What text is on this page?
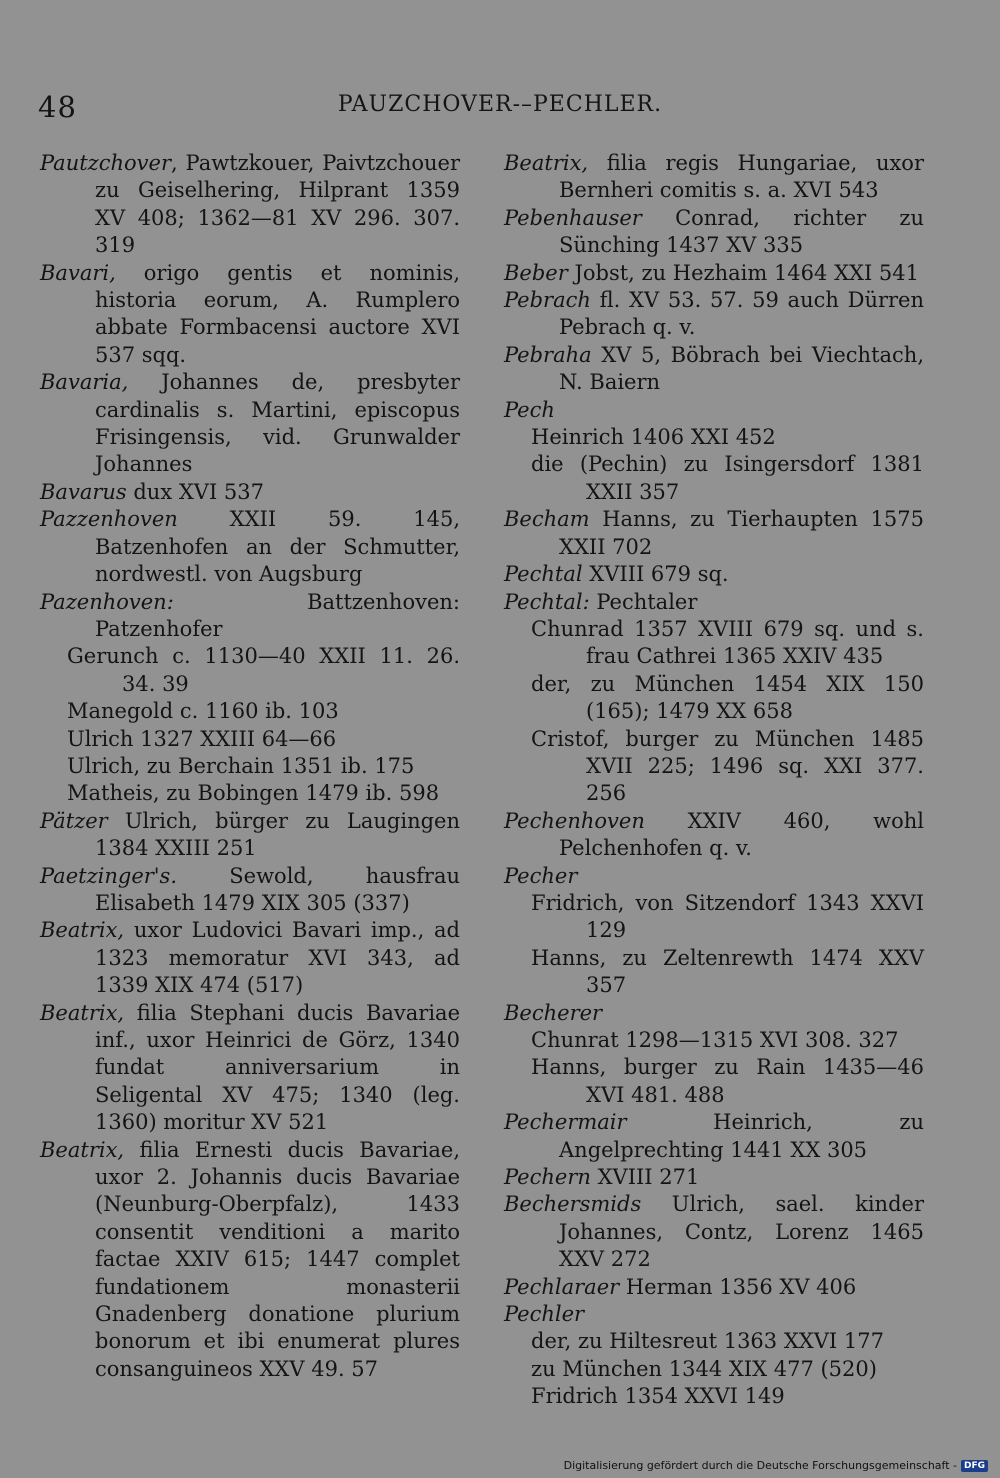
48	PAUZCHOVER-–PECHLER.
Pautzchover, Pawtzkouer, Paivtzchouer zu Geiselhering, Hilprant 1359 XV 408; 1362—81 XV 296. 307. 319
Bavari, origo gentis et nominis, historia eorum, A. Rumplero abbate Formbacensi auctore XVI 537 sqq.
Bavaria, Johannes de, presbyter cardinalis s. Martini, episcopus Frisingensis, vid. Grunwalder Johannes
Bavarus dux XVI 537
Pazzenhoven XXII 59. 145, Batzenhofen an der Schmutter, nordwestl. von Augsburg
Pazenhoven: Battzenhoven: Patzenhofer
Gerunch c. 1130—40 XXII 11. 26. 34. 39
Manegold c. 1160 ib. 103
Ulrich 1327 XXIII 64—66
Ulrich, zu Berchain 1351 ib. 175
Matheis, zu Bobingen 1479 ib. 598
Pätzer Ulrich, bürger zu Laugingen 1384 XXIII 251
Paetzinger's. Sewold, hausfrau Elisabeth 1479 XIX 305 (337)
Beatrix, uxor Ludovici Bavari imp., ad 1323 memoratur XVI 343, ad 1339 XIX 474 (517)
Beatrix, filia Stephani ducis Bavariae inf., uxor Heinrici de Görz, 1340 fundat anniversarium in Seligental XV 475; 1340 (leg. 1360) moritur XV 521
Beatrix, filia Ernesti ducis Bavariae, uxor 2. Johannis ducis Bavariae (Neunburg-Oberpfalz), 1433 consentit venditioni a marito factae XXIV 615; 1447 complet fundationem monasterii Gnadenberg donatione plurium bonorum et ibi enumerat plures consanguineos XXV 49. 57
Beatrix, filia regis Hungariae, uxor Bernheri comitis s. a. XVI 543
Pebenhauser Conrad, richter zu Sünching 1437 XV 335
Beber Jobst, zu Hezhaim 1464 XXI 541
Pebrach fl. XV 53. 57. 59 auch Dürren Pebrach q. v.
Pebraha XV 5, Böbrach bei Viechtach, N. Baiern
Pech
Heinrich 1406 XXI 452
die (Pechin) zu Isingersdorf 1381 XXII 357
Becham Hanns, zu Tierhaupten 1575 XXII 702
Pechtal XVIII 679 sq.
Pechtal: Pechtaler
Chunrad 1357 XVIII 679 sq. und s. frau Cathrei 1365 XXIV 435
der, zu München 1454 XIX 150 (165); 1479 XX 658
Cristof, burger zu München 1485 XVII 225; 1496 sq. XXI 377. 256
Pechenhoven XXIV 460, wohl Pelchenhofen q. v.
Pecher
Fridrich, von Sitzendorf 1343 XXVI 129
Hanns, zu Zeltenrewth 1474 XXV 357
Becherer
Chunrat 1298—1315 XVI 308. 327
Hanns, burger zu Rain 1435—46 XVI 481. 488
Pechermair Heinrich, zu Angelprechting 1441 XX 305
Pechern XVIII 271
Bechersmids Ulrich, sael. kinder Johannes, Contz, Lorenz 1465 XXV 272
Pechlaraer Herman 1356 XV 406
Pechler
der, zu Hiltesreut 1363 XXVI 177
zu München 1344 XIX 477 (520)
Fridrich 1354 XXVI 149
Digitalisierung gefördert durch die Deutsche Forschungsgemeinschaft - DFG
